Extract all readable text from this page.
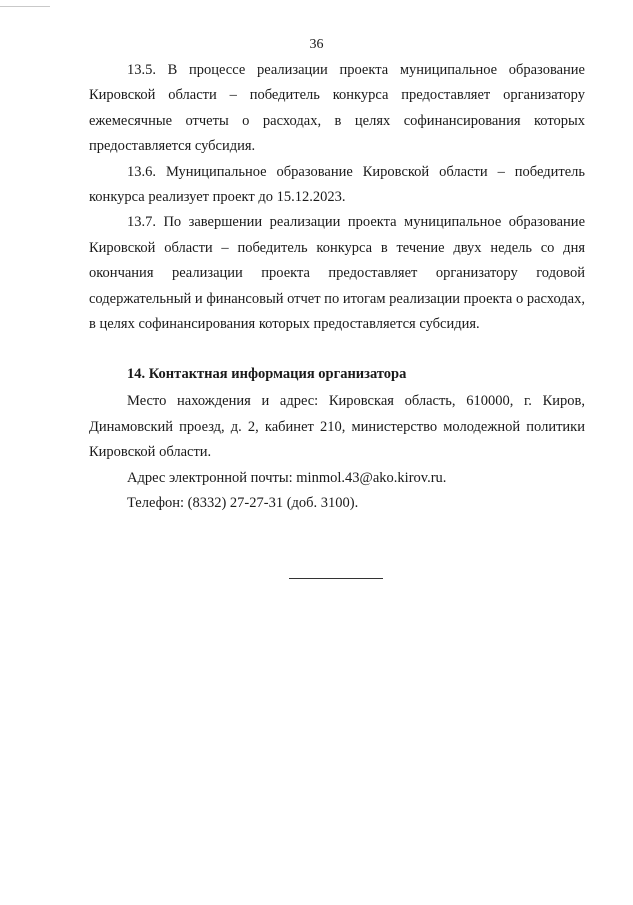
36

13.5. В процессе реализации проекта муниципальное образование Кировской области – победитель конкурса предоставляет организатору ежемесячные отчеты о расходах, в целях софинансирования которых предоставляется субсидия.

13.6. Муниципальное образование Кировской области – победитель конкурса реализует проект до 15.12.2023.

13.7. По завершении реализации проекта муниципальное образование Кировской области – победитель конкурса в течение двух недель со дня окончания реализации проекта предоставляет организатору годовой содержательный и финансовый отчет по итогам реализации проекта о расходах, в целях софинансирования которых предоставляется субсидия.

14. Контактная информация организатора

Место нахождения и адрес: Кировская область, 610000, г. Киров, Динамовский проезд, д. 2, кабинет 210, министерство молодежной политики Кировской области.

Адрес электронной почты: minmol.43@ako.kirov.ru.

Телефон: (8332) 27-27-31 (доб. 3100).
